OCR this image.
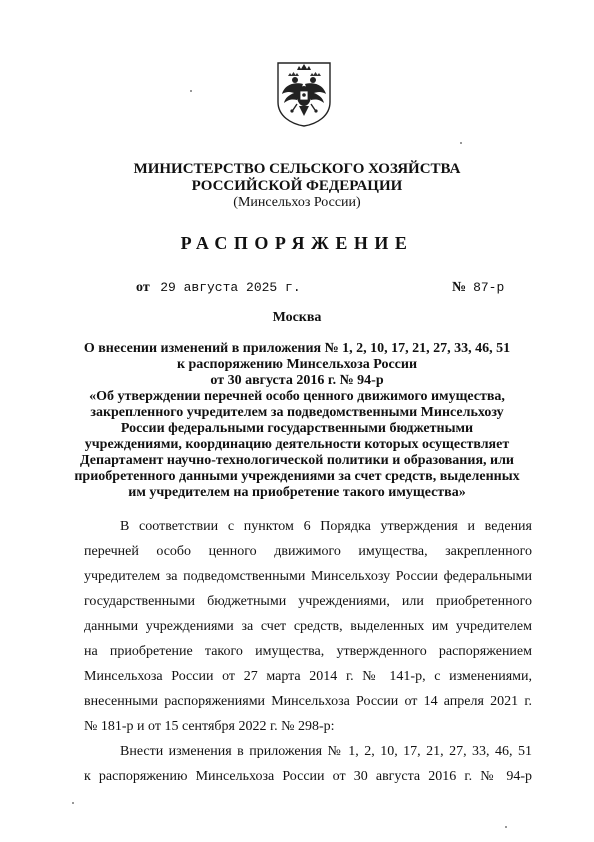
МИНИСТЕРСТВО СЕЛЬСКОГО ХОЗЯЙСТВА
РОССИЙСКОЙ ФЕДЕРАЦИИ
(Минсельхоз России)
РАСПОРЯЖЕНИЕ
от 29 августа 2025 г.	№ 87-р
Москва
О внесении изменений в приложения № 1, 2, 10, 17, 21, 27, 33, 46, 51
к распоряжению Минсельхоза России
от 30 августа 2016 г. № 94-р
«Об утверждении перечней особо ценного движимого имущества,
закрепленного учредителем за подведомственными Минсельхозу
России федеральными государственными бюджетными
учреждениями, координацию деятельности которых осуществляет
Департамент научно-технологической политики и образования, или
приобретенного данными учреждениями за счет средств, выделенных
им учредителем на приобретение такого имущества»
В соответствии с пунктом 6 Порядка утверждения и ведения
перечней особо ценного движимого имущества, закрепленного
учредителем за подведомственными Минсельхозу России федеральными
государственными бюджетными учреждениями, или приобретенного
данными учреждениями за счет средств, выделенных им учредителем
на приобретение такого имущества, утвержденного распоряжением
Минсельхоза России от 27 марта 2014 г. № 141-р, с изменениями,
внесенными распоряжениями Минсельхоза России от 14 апреля 2021 г.
№ 181-р и от 15 сентября 2022 г. № 298-р:
Внести изменения в приложения № 1, 2, 10, 17, 21, 27, 33, 46, 51
к распоряжению Минсельхоза России от 30 августа 2016 г. № 94-р
